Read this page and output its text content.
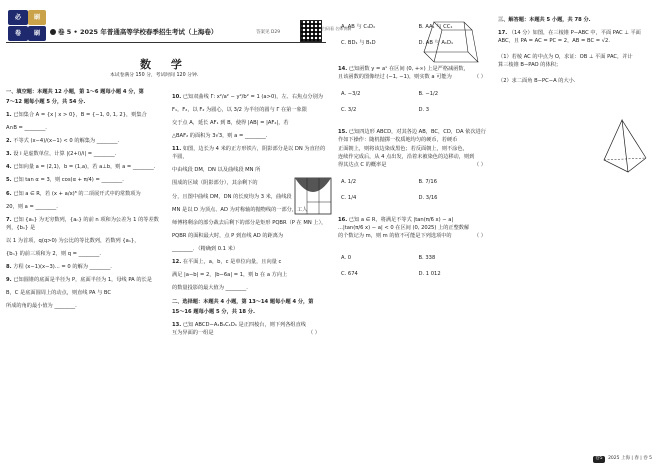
必	刷
卷	刷	卷 5 • 2025 年普通高等学校春季招生考试（上海卷）	答案见 D29
扫码看 名师讲解
数 学
本试卷满分 150 分，考试时间 120 分钟.
一、填空题：本题共 12 小题，第 1～6 题每小题 4 分，第
7～12 题每小题 5 分，共 54 分.
1. 已知集合 A = {x | x > 0}，B = {−1, 0, 1, 2}，则集合
A∩B = ________.
2. 不等式 (x−4)/(x−1) < 0 的解集为 ________.
3. 设 i 是虚数单位，计算 |(2+i)/i| = ________.
4. 已知向量 a = (2,1)，b = (1,a)，若 a⊥b，则 a = ________.
5. 已知 tan α = 3，则 cos(α + π/4) = ________.
6. 已知 a ∈ R，若 (x + a/x)⁸ 的二项展开式中的常数项为
20，则 a = ________.
7. 已知 {aₙ} 为无穷数列，{aₙ} 的前 n 项和为公差为 1 的等差数列，{bₙ} 是
以 1 为首项，q(q>0) 为公比的等比数列，若数列 {aₙ}，
{bₙ} 的前三项和为 2，则 q = ________.
8. 方程 (x−1)(x−3)... = 0 的解为 ________.
9. 已知圆锥的底面是半径为 P，底面半径为 1，母线 PA 的长是
B，C 是底面圆周上的动点，则直线 PA 与 BC
所成的角的最小值为 ________.
10. 已知双曲线 Γ: x²/a² − y²/b² = 1 (a>0)，左、右焦点分别为
F₁，F₂，以 F₂ 为圆心，以 3/2 为半径的圆与 Γ 在第一象限
交于点 A，延长 AF₁ 到 B，使得 |AB| = |AF₂|，若
△BAF₂ 的面积为 3√3，则 a = ________.
11. 如图，边长为 4 米的正方形铁片，阴影部分是以 DN 为直径的半圆，
中由线段 DM，DN 以及曲线段 MN 所
围成的区域（阴影部分），其余剩下的
分，且图中曲线 DM，DN 的长度均为 3 米，曲线段
MN 是以 D 为顶点、AD 为对称轴的抛物线的一部分，工人
师傅将剩余的部分裁去后剩下的部分是矩形 PQBR（P 在 MN 上），
PQBR 的面积最大时，点 P 到直线 AD 的距离为
________．（精确到 0.1 米）
12. 在平面上，a，b，c 是单位向量，且向量 c
满足 |a−b| = 2，|b−6a| = 1，则 b 在 a 方向上
的数量投影的最大值为 ________.
二、选择题：本题共 4 小题，第 13～14 题每小题 4 分，第
15～16 题每小题 5 分，共 18 分.
13. 已知 ABCD−A₁B₁C₁D₁ 是正四棱台，则下列各组直线
互为异面的一组是	（ ）
A. AB 与 C₁D₁	B. AA₁ 与 CC₁
C. BD₁ 与 B₁D	D. AB 与 A₁D₁
14. 已知函数 y = aˣ 在区间 (0, +∞) 上是严格减函数，
且该函数的图像经过 (−1, −1)，则实数 a 可能为	（ ）
A. −3/2	B. −1/2
C. 3/2	D. 3
15. 已知四边形 ABCD，对其各边 AB，BC，CD，DA 依次进行
作如下操作：随机抛掷一枚质地均匀的硬币，若硬币
正面朝上，则将该边染成黑色；若反面朝上，则不涂色，
连续作完成后，从 4 点出发，沿着未被染色的边移动，则到
得其达点 C 的概率是	（ ）
A. 1/2	B. 7/16
C. 1/4	D. 3/16
16. 已知 a ∈ R，将满足不等式 |tan(π/6 x) − a|
...|tan(π/6 x) − a| < 0 在区间 (0, 2025) 上的正整数解
的个数记为 m，则 m 的值不可能是下列选项中的	（ ）
A. 0	B. 338
C. 674	D. 1 012
三、解答题：本题共 5 小题，共 78 分.
17. （14 分）如图，在三棱锥 P−ABC 中，平面 PAC ⊥ 平面
ABC，且 PA = AC = PC = 2，AB = BC = √2.

（1）若棱 AC 的中点为 O，求证：OB ⊥ 平面 PAC，并计
算三棱锥 B−PAO 的体积；

（2）求二面角 B−PC−A 的大小.
卷5 2025 上海 | 春 | 卷 5
